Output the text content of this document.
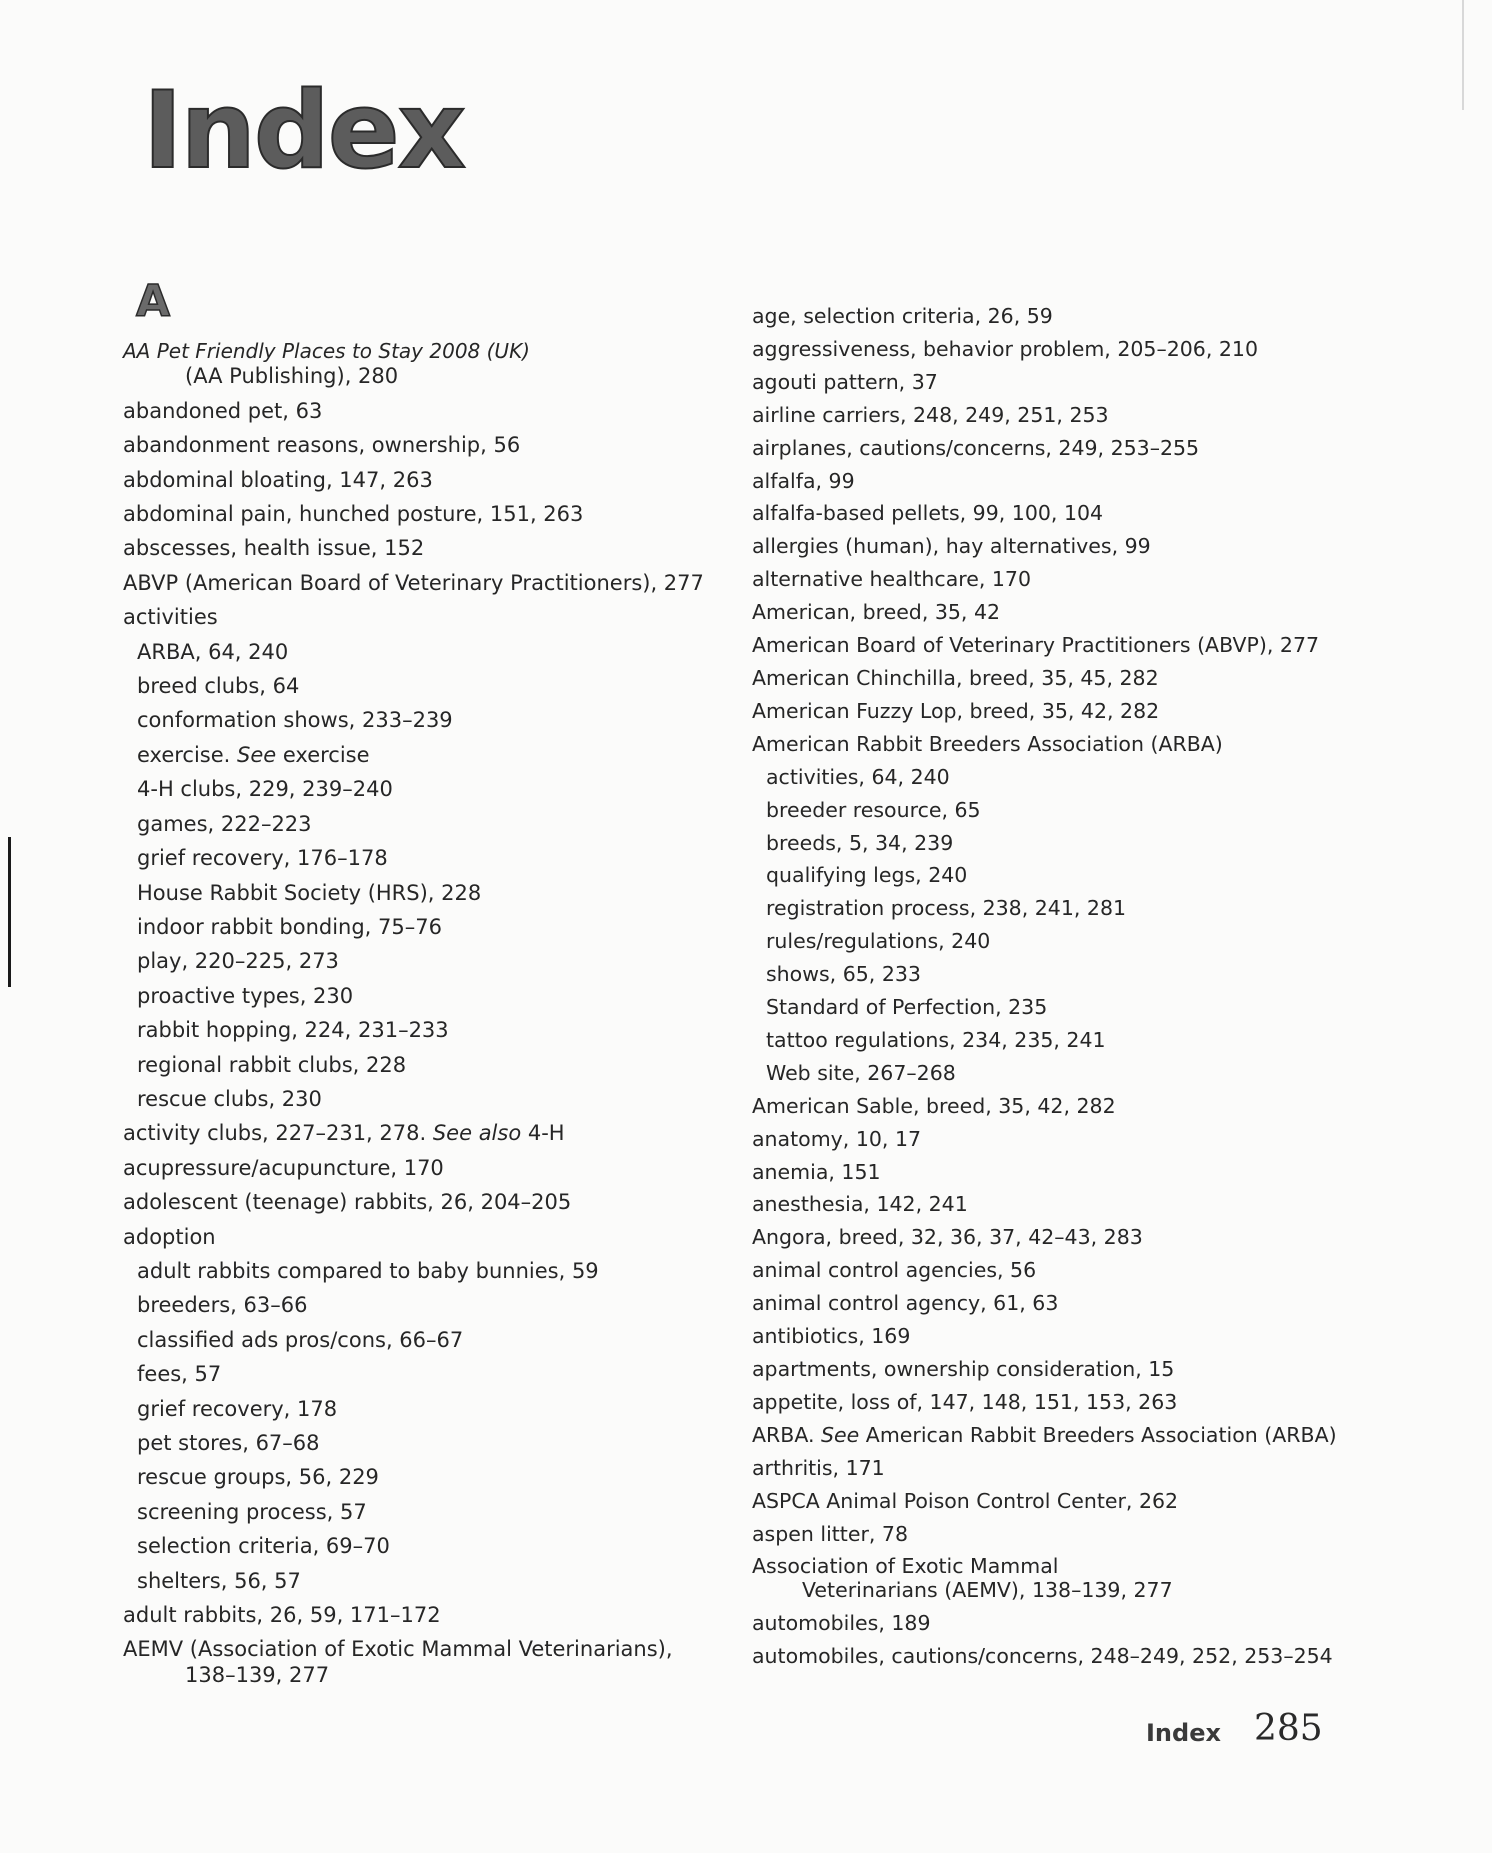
Index
A
AA Pet Friendly Places to Stay 2008 (UK)
(AA Publishing), 280
abandoned pet, 63
abandonment reasons, ownership, 56
abdominal bloating, 147, 263
abdominal pain, hunched posture, 151, 263
abscesses, health issue, 152
ABVP (American Board of Veterinary Practitioners), 277
activities
ARBA, 64, 240
breed clubs, 64
conformation shows, 233–239
exercise. See exercise
4-H clubs, 229, 239–240
games, 222–223
grief recovery, 176–178
House Rabbit Society (HRS), 228
indoor rabbit bonding, 75–76
play, 220–225, 273
proactive types, 230
rabbit hopping, 224, 231–233
regional rabbit clubs, 228
rescue clubs, 230
activity clubs, 227–231, 278. See also 4-H
acupressure/acupuncture, 170
adolescent (teenage) rabbits, 26, 204–205
adoption
adult rabbits compared to baby bunnies, 59
breeders, 63–66
classified ads pros/cons, 66–67
fees, 57
grief recovery, 178
pet stores, 67–68
rescue groups, 56, 229
screening process, 57
selection criteria, 69–70
shelters, 56, 57
adult rabbits, 26, 59, 171–172
AEMV (Association of Exotic Mammal Veterinarians),
138–139, 277
age, selection criteria, 26, 59
aggressiveness, behavior problem, 205–206, 210
agouti pattern, 37
airline carriers, 248, 249, 251, 253
airplanes, cautions/concerns, 249, 253–255
alfalfa, 99
alfalfa-based pellets, 99, 100, 104
allergies (human), hay alternatives, 99
alternative healthcare, 170
American, breed, 35, 42
American Board of Veterinary Practitioners (ABVP), 277
American Chinchilla, breed, 35, 45, 282
American Fuzzy Lop, breed, 35, 42, 282
American Rabbit Breeders Association (ARBA)
activities, 64, 240
breeder resource, 65
breeds, 5, 34, 239
qualifying legs, 240
registration process, 238, 241, 281
rules/regulations, 240
shows, 65, 233
Standard of Perfection, 235
tattoo regulations, 234, 235, 241
Web site, 267–268
American Sable, breed, 35, 42, 282
anatomy, 10, 17
anemia, 151
anesthesia, 142, 241
Angora, breed, 32, 36, 37, 42–43, 283
animal control agencies, 56
animal control agency, 61, 63
antibiotics, 169
apartments, ownership consideration, 15
appetite, loss of, 147, 148, 151, 153, 263
ARBA. See American Rabbit Breeders Association (ARBA)
arthritis, 171
ASPCA Animal Poison Control Center, 262
aspen litter, 78
Association of Exotic Mammal
Veterinarians (AEMV), 138–139, 277
automobiles, 189
automobiles, cautions/concerns, 248–249, 252, 253–254
Index 285
